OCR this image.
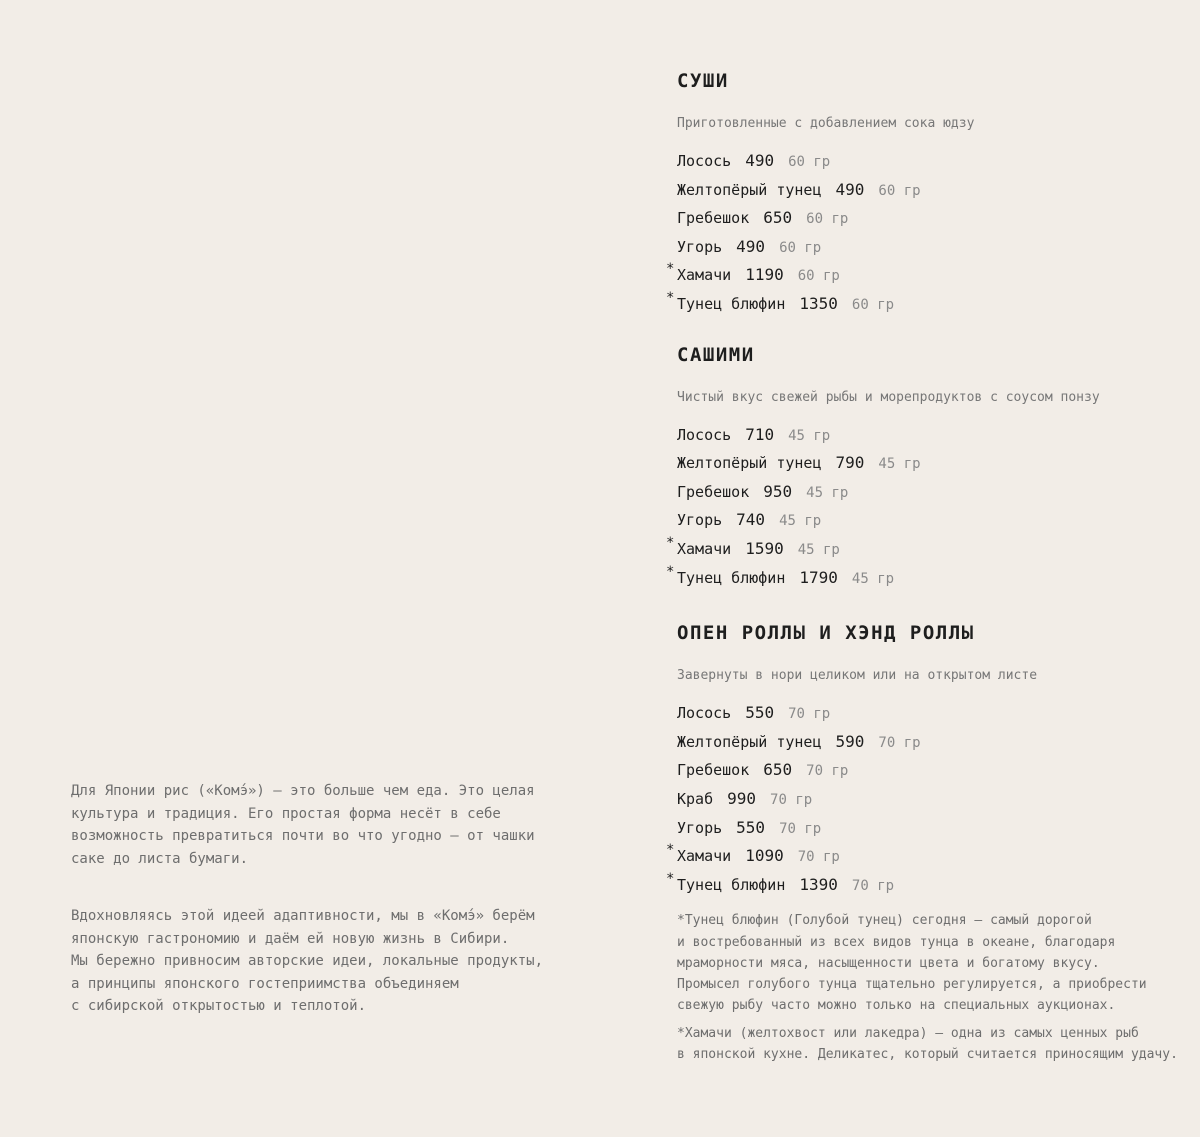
Для Японии рис («Комэ́») — это больше чем еда. Это целая
культура и традиция. Его простая форма несёт в себе
возможность превратиться почти во что угодно — от чашки
саке до листа бумаги.

Вдохновляясь этой идеей адаптивности, мы в «Комэ́» берём
японскую гастрономию и даём ей новую жизнь в Сибири.
Мы бережно привносим авторские идеи, локальные продукты,
а принципы японского гостеприимства объединяем
с сибирской открытостью и теплотой.

СУШИ
Приготовленные с добавлением сока юдзу
Лосось 490 60 гр
Желтопёрый тунец 490 60 гр
Гребешок 650 60 гр
Угорь 490 60 гр
* Хамачи 1190 60 гр
* Тунец блюфин 1350 60 гр
САШИМИ
Чистый вкус свежей рыбы и морепродуктов с соусом понзу
Лосось 710 45 гр
Желтопёрый тунец 790 45 гр
Гребешок 950 45 гр
Угорь 740 45 гр
* Хамачи 1590 45 гр
* Тунец блюфин 1790 45 гр
ОПЕН РОЛЛЫ И ХЭНД РОЛЛЫ
Завернуты в нори целиком или на открытом листе
Лосось 550 70 гр
Желтопёрый тунец 590 70 гр
Гребешок 650 70 гр
Краб 990 70 гр
Угорь 550 70 гр
* Хамачи 1090 70 гр
* Тунец блюфин 1390 70 гр

*Тунец блюфин (Голубой тунец) сегодня — самый дорогой
и востребованный из всех видов тунца в океане, благодаря
мраморности мяса, насыщенности цвета и богатому вкусу.
Промысел голубого тунца тщательно регулируется, а приобрести
свежую рыбу часто можно только на специальных аукционах.

*Хамачи (желтохвост или лакедра) — одна из самых ценных рыб
в японской кухне. Деликатес, который считается приносящим удачу.
